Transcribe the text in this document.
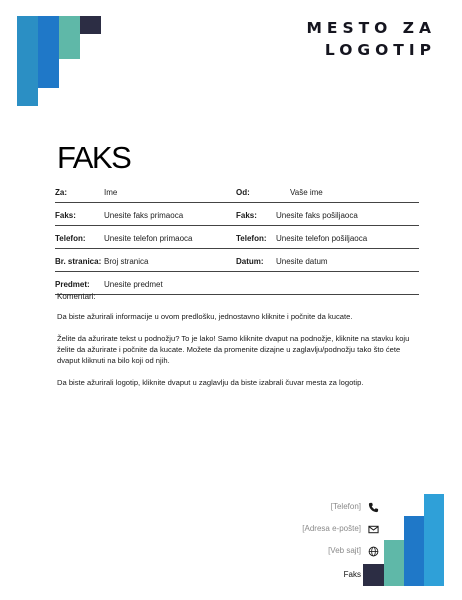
MESTO ZA
LOGOTIP
FAKS
Za:	Ime	Od:	Vaše ime
Faks:	Unesite faks primaoca	Faks: Unesite faks pošiljaoca
Telefon: Unesite telefon primaoca	Telefon: Unesite telefon pošiljaoca
Br. stranica: Broj stranica	Datum: Unesite datum
Predmet: Unesite predmet
Komentari:

Da biste ažurirali informacije u ovom predlošku, jednostavno kliknite i počnite da kucate.

Želite da ažurirate tekst u podnožju? To je lako! Samo kliknite dvaput na podnožje, kliknite na stavku koju želite da ažurirate i počnite da kucate. Možete da promenite dizajne u zaglavlju/podnožju tako što ćete dvaput kliknuti na bilo koji od njih.

Da biste ažurirali logotip, kliknite dvaput u zaglavlju da biste izabrali čuvar mesta za logotip.

[Telefon]
[Adresa e-pošte]
[Veb sajt]
Faks
